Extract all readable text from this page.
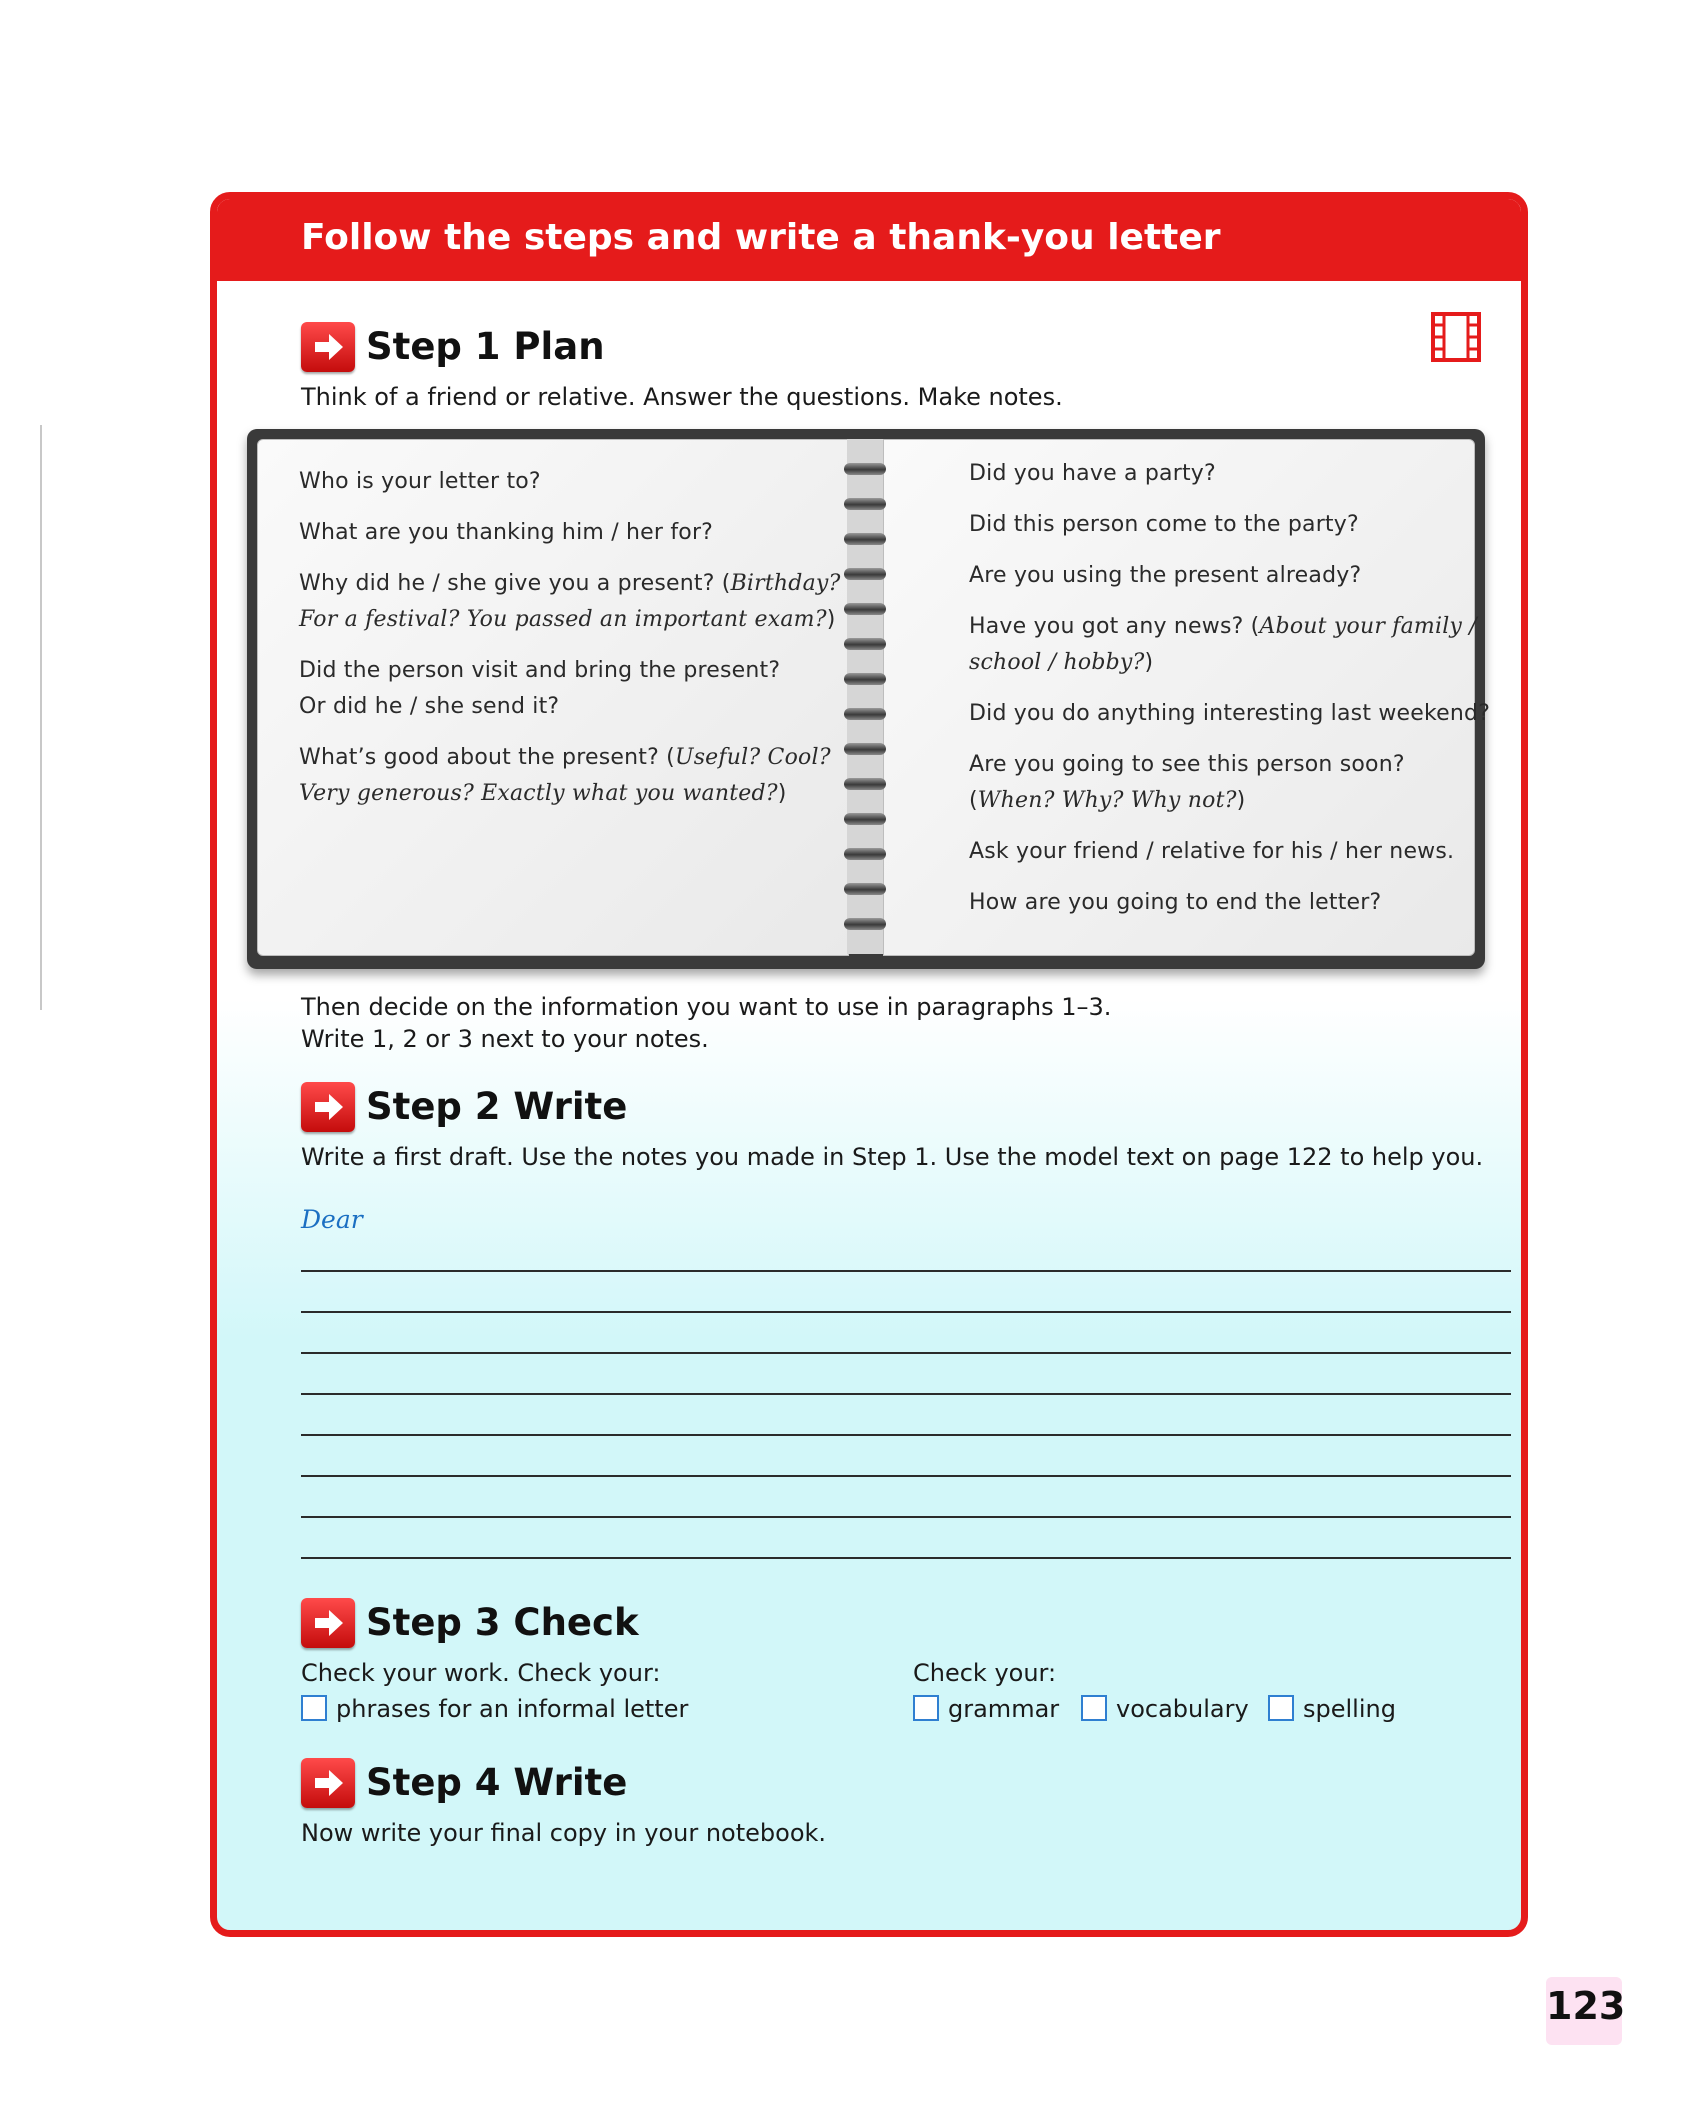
Follow the steps and write a thank-you letter
Step 1 Plan
Think of a friend or relative. Answer the questions. Make notes.
Who is your letter to?
What are you thanking him / her for?
Why did he / she give you a present? (Birthday?
For a festival? You passed an important exam?)
Did the person visit and bring the present?
Or did he / she send it?
What’s good about the present? (Useful? Cool?
Very generous? Exactly what you wanted?)
Did you have a party?
Did this person come to the party?
Are you using the present already?
Have you got any news? (About your family /
school / hobby?)
Did you do anything interesting last weekend?
Are you going to see this person soon?
(When? Why? Why not?)
Ask your friend / relative for his / her news.
How are you going to end the letter?
Then decide on the information you want to use in paragraphs 1–3.
Write 1, 2 or 3 next to your notes.
Step 2 Write
Write a first draft. Use the notes you made in Step 1. Use the model text on page 122 to help you.
Dear
Step 3 Check
Check your work. Check your:	Check your:
phrases for an informal letter	grammar vocabulary spelling
Step 4 Write
Now write your final copy in your notebook.
123
